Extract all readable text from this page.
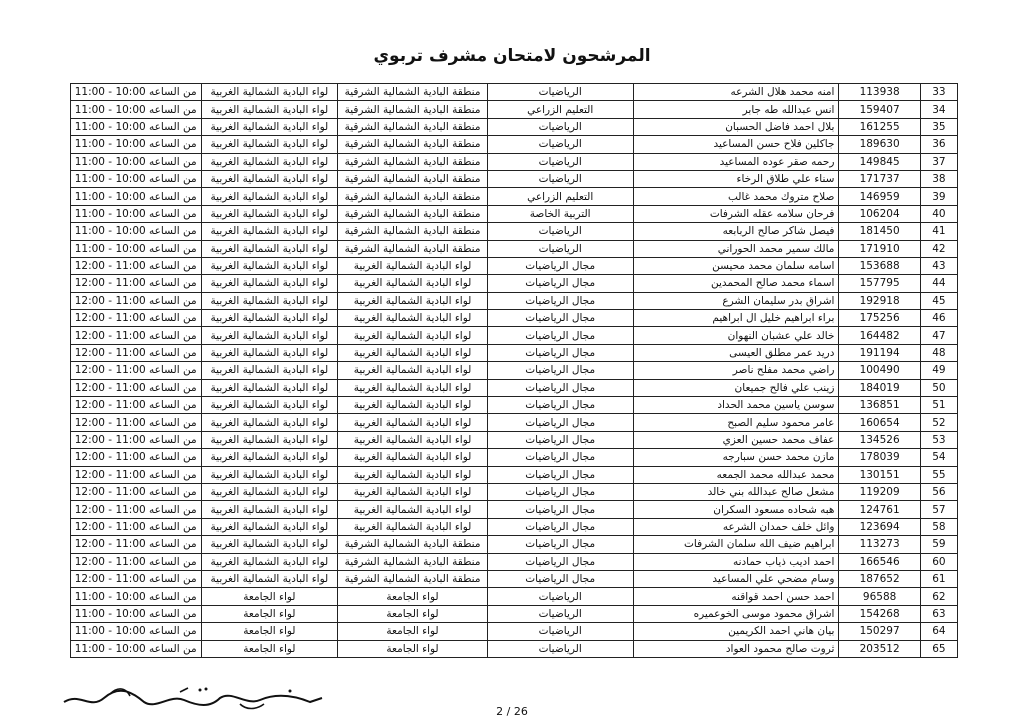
المرشحون لامتحان مشرف تربوي
من الساعه 10:00 - 11:00	لواء البادية الشمالية الغربية	منطقة البادية الشمالية الشرقية	الرياضيات	امنه محمد هلال الشرعه	113938	33
من الساعه 10:00 - 11:00	لواء البادية الشمالية الغربية	منطقة البادية الشمالية الشرقية	التعليم الزراعي	انس عبدالله طه جابر	159407	34
من الساعه 10:00 - 11:00	لواء البادية الشمالية الغربية	منطقة البادية الشمالية الشرقية	الرياضيات	بلال احمد فاضل الحسبان	161255	35
من الساعه 10:00 - 11:00	لواء البادية الشمالية الغربية	منطقة البادية الشمالية الشرقية	الرياضيات	جاكلين فلاح حسن المساعيد	189630	36
من الساعه 10:00 - 11:00	لواء البادية الشمالية الغربية	منطقة البادية الشمالية الشرقية	الرياضيات	رحمه صقر عوده المساعيد	149845	37
من الساعه 10:00 - 11:00	لواء البادية الشمالية الغربية	منطقة البادية الشمالية الشرقية	الرياضيات	سناء علي طلاق الرخاء	171737	38
من الساعه 10:00 - 11:00	لواء البادية الشمالية الغربية	منطقة البادية الشمالية الشرقية	التعليم الزراعي	صلاح متروك محمد غالب	146959	39
من الساعه 10:00 - 11:00	لواء البادية الشمالية الغربية	منطقة البادية الشمالية الشرقية	التربية الخاصة	فرحان سلامه عقله الشرفات	106204	40
من الساعه 10:00 - 11:00	لواء البادية الشمالية الغربية	منطقة البادية الشمالية الشرقية	الرياضيات	فيصل شاكر صالح الربابعه	181450	41
من الساعه 10:00 - 11:00	لواء البادية الشمالية الغربية	منطقة البادية الشمالية الشرقية	الرياضيات	مالك سمير محمد الحوراني	171910	42
من الساعه 11:00 - 12:00	لواء البادية الشمالية الغربية	لواء البادية الشمالية الغربية	مجال الرياضيات	اسامه سلمان محمد محيسن	153688	43
من الساعه 11:00 - 12:00	لواء البادية الشمالية الغربية	لواء البادية الشمالية الغربية	مجال الرياضيات	اسماء محمد صالح المحمدين	157795	44
من الساعه 11:00 - 12:00	لواء البادية الشمالية الغربية	لواء البادية الشمالية الغربية	مجال الرياضيات	اشراق بدر سليمان الشرع	192918	45
من الساعه 11:00 - 12:00	لواء البادية الشمالية الغربية	لواء البادية الشمالية الغربية	مجال الرياضيات	براء ابراهيم خليل ال ابراهيم	175256	46
من الساعه 11:00 - 12:00	لواء البادية الشمالية الغربية	لواء البادية الشمالية الغربية	مجال الرياضيات	خالد علي عشبان النهوان	164482	47
من الساعه 11:00 - 12:00	لواء البادية الشمالية الغربية	لواء البادية الشمالية الغربية	مجال الرياضيات	دريد عمر مطلق العيسى	191194	48
من الساعه 11:00 - 12:00	لواء البادية الشمالية الغربية	لواء البادية الشمالية الغربية	مجال الرياضيات	راضي محمد مفلح ناصر	100490	49
من الساعه 11:00 - 12:00	لواء البادية الشمالية الغربية	لواء البادية الشمالية الغربية	مجال الرياضيات	زينب علي فالح جميعان	184019	50
من الساعه 11:00 - 12:00	لواء البادية الشمالية الغربية	لواء البادية الشمالية الغربية	مجال الرياضيات	سوسن ياسين محمد الحداد	136851	51
من الساعه 11:00 - 12:00	لواء البادية الشمالية الغربية	لواء البادية الشمالية الغربية	مجال الرياضيات	عامر محمود سليم الصبح	160654	52
من الساعه 11:00 - 12:00	لواء البادية الشمالية الغربية	لواء البادية الشمالية الغربية	مجال الرياضيات	عفاف محمد حسين العزي	134526	53
من الساعه 11:00 - 12:00	لواء البادية الشمالية الغربية	لواء البادية الشمالية الغربية	مجال الرياضيات	مازن محمد حسن سبارجه	178039	54
من الساعه 11:00 - 12:00	لواء البادية الشمالية الغربية	لواء البادية الشمالية الغربية	مجال الرياضيات	محمد عبدالله محمد الجمعه	130151	55
من الساعه 11:00 - 12:00	لواء البادية الشمالية الغربية	لواء البادية الشمالية الغربية	مجال الرياضيات	مشعل صالح عبدالله بني خالد	119209	56
من الساعه 11:00 - 12:00	لواء البادية الشمالية الغربية	لواء البادية الشمالية الغربية	مجال الرياضيات	هبه شحاده مسعود السكران	124761	57
من الساعه 11:00 - 12:00	لواء البادية الشمالية الغربية	لواء البادية الشمالية الغربية	مجال الرياضيات	وائل خلف حمدان الشرعه	123694	58
من الساعه 11:00 - 12:00	لواء البادية الشمالية الغربية	منطقة البادية الشمالية الشرقية	مجال الرياضيات	ابراهيم ضيف الله سلمان الشرفات	113273	59
من الساعه 11:00 - 12:00	لواء البادية الشمالية الغربية	منطقة البادية الشمالية الشرقية	مجال الرياضيات	احمد اديب ذياب حمادنه	166546	60
من الساعه 11:00 - 12:00	لواء البادية الشمالية الغربية	منطقة البادية الشمالية الشرقية	مجال الرياضيات	وسام مضحي علي المساعيد	187652	61
من الساعه 10:00 - 11:00	لواء الجامعة	لواء الجامعة	الرياضيات	احمد حسن احمد قواقنه	96588	62
من الساعه 10:00 - 11:00	لواء الجامعة	لواء الجامعة	الرياضيات	اشراق محمود موسى الخوعميره	154268	63
من الساعه 10:00 - 11:00	لواء الجامعة	لواء الجامعة	الرياضيات	بيان هاني احمد الكريمين	150297	64
من الساعه 10:00 - 11:00	لواء الجامعة	لواء الجامعة	الرياضيات	ثروت صالح محمود العواد	203512	65
2 / 26
